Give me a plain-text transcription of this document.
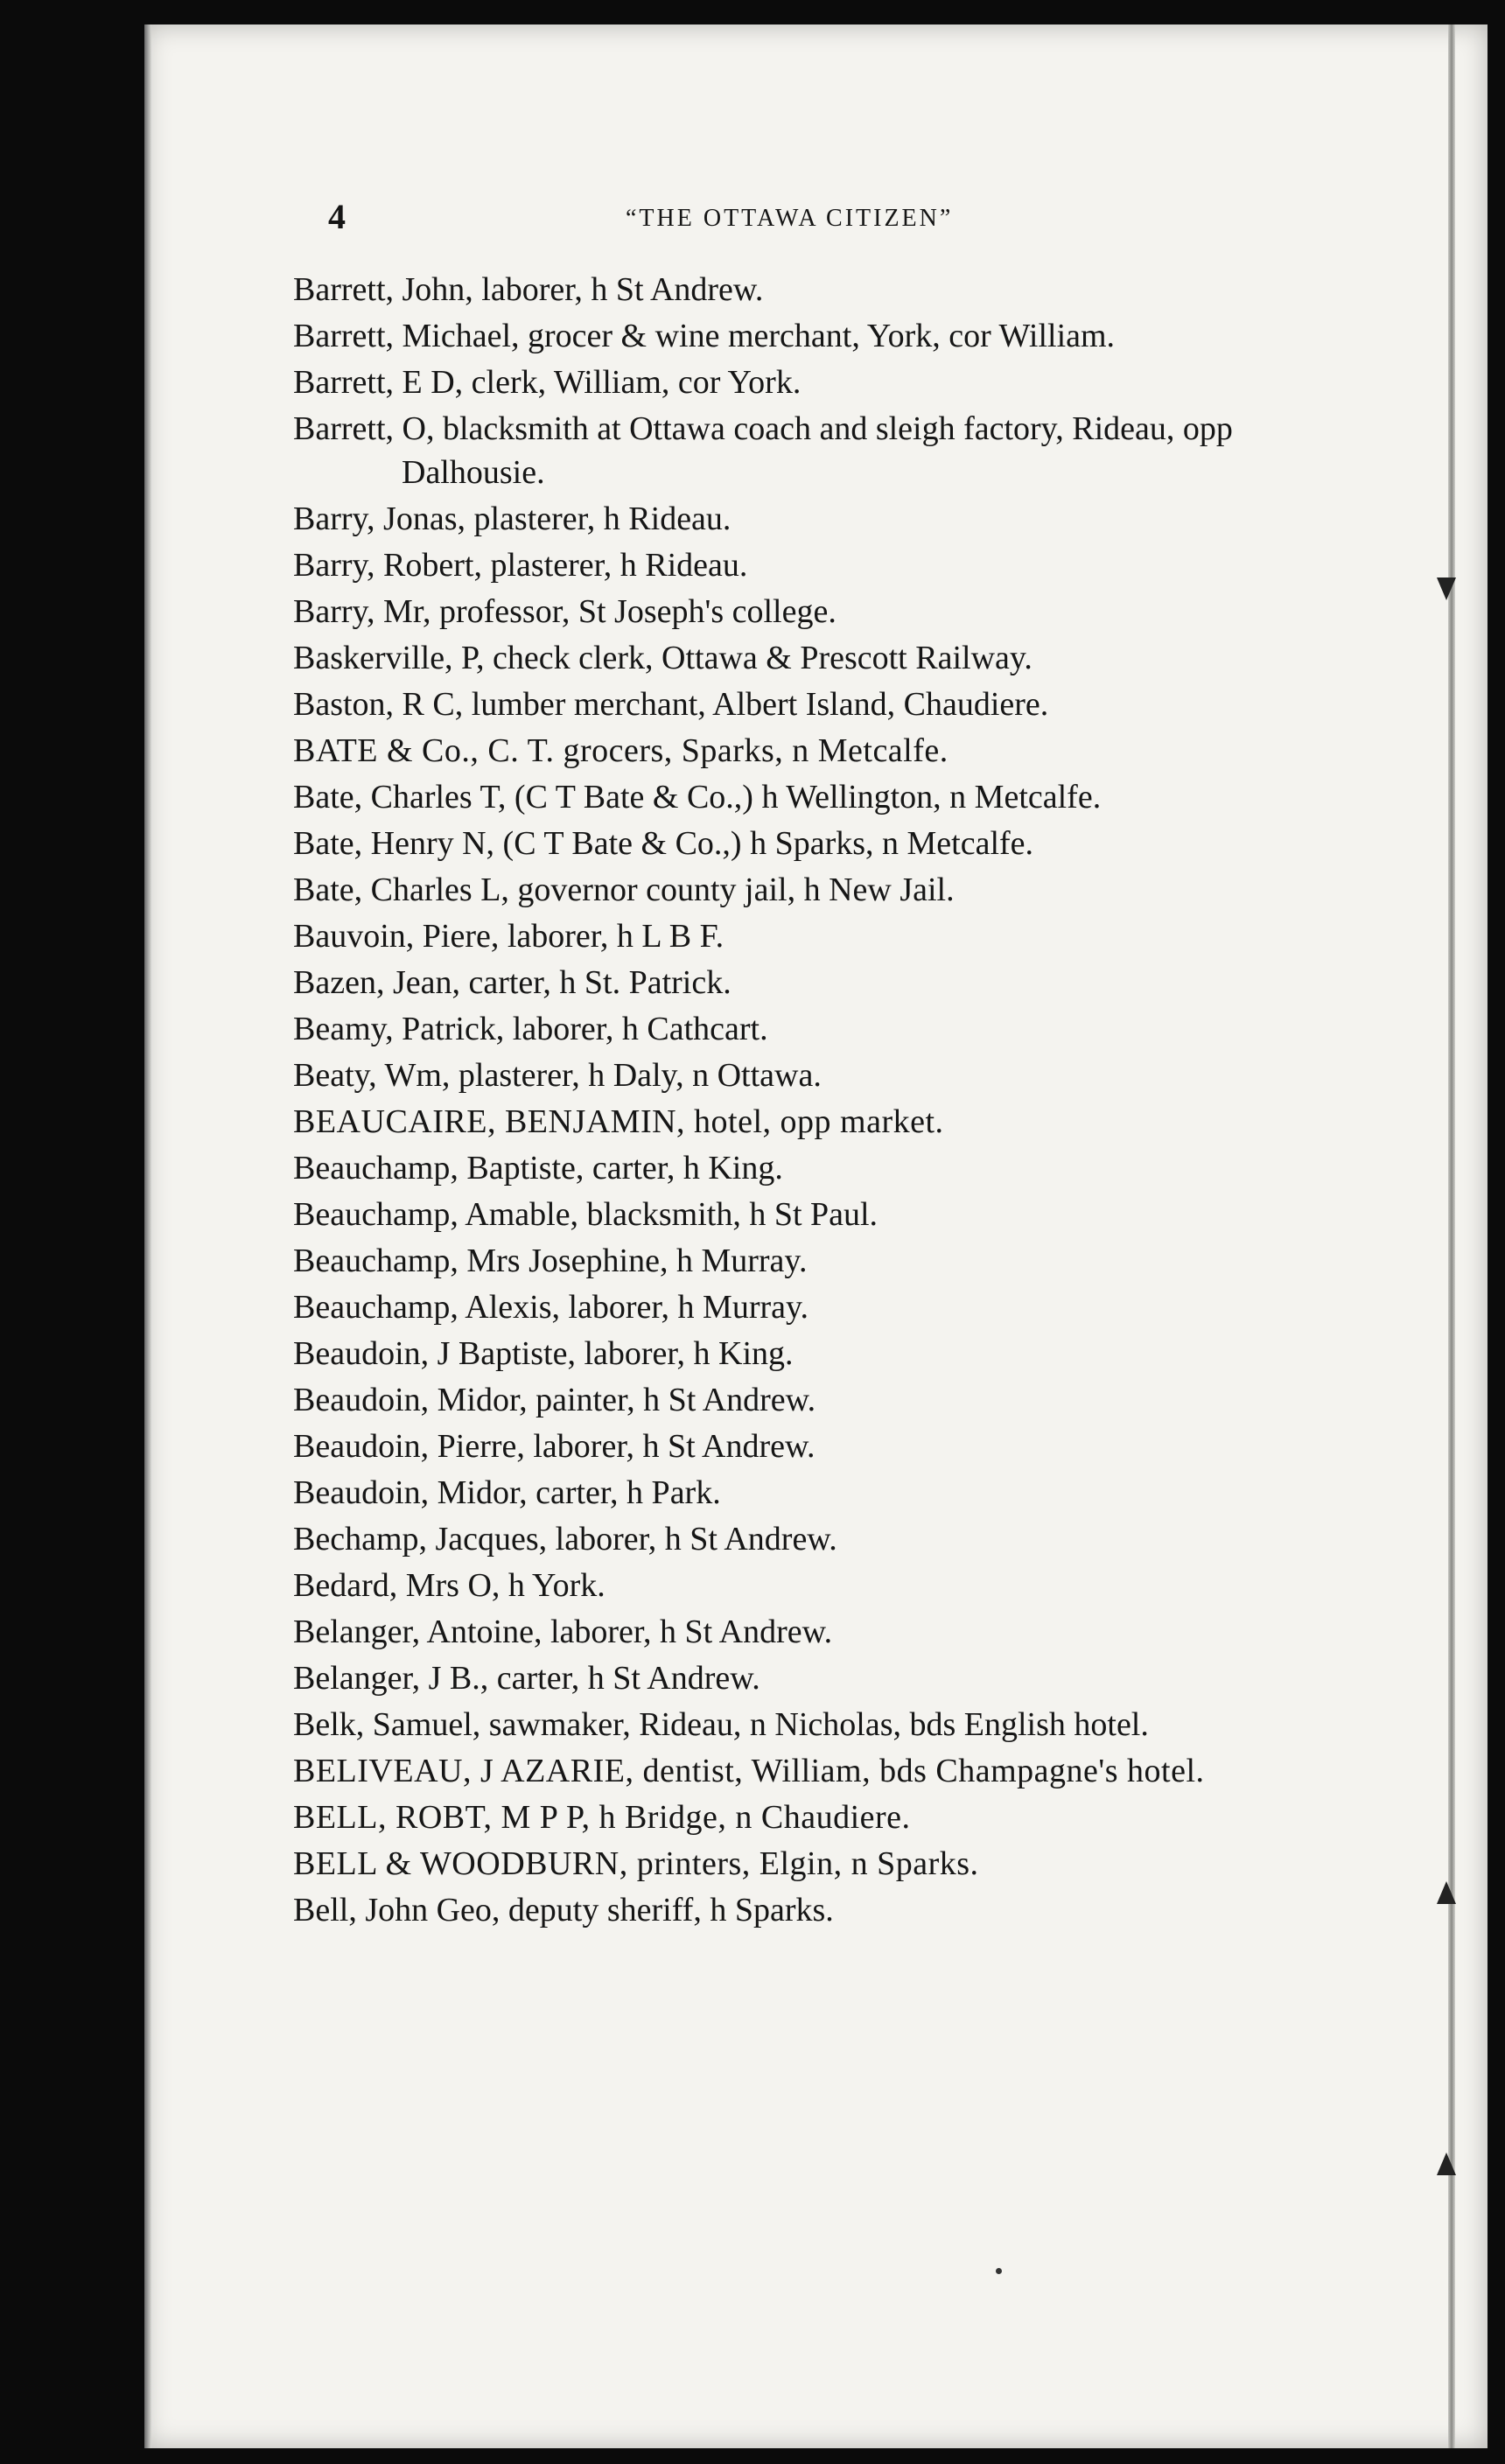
4	“THE OTTAWA CITIZEN”

Barrett, John, laborer, h St Andrew.

Barrett, Michael, grocer & wine merchant, York, cor William.

Barrett, E D, clerk, William, cor York.

Barrett, O, blacksmith at Ottawa coach and sleigh factory, Rideau, opp Dalhousie.

Barry, Jonas, plasterer, h Rideau.

Barry, Robert, plasterer, h Rideau.

Barry, Mr, professor, St Joseph's college.

Baskerville, P, check clerk, Ottawa & Prescott Railway.

Baston, R C, lumber merchant, Albert Island, Chaudiere.

BATE & Co., C. T. grocers, Sparks, n Metcalfe.

Bate, Charles T, (C T Bate & Co.,) h Wellington, n Metcalfe.

Bate, Henry N, (C T Bate & Co.,) h Sparks, n Metcalfe.

Bate, Charles L, governor county jail, h New Jail.

Bauvoin, Piere, laborer, h L B F.

Bazen, Jean, carter, h St. Patrick.

Beamy, Patrick, laborer, h Cathcart.

Beaty, Wm, plasterer, h Daly, n Ottawa.

BEAUCAIRE, BENJAMIN, hotel, opp market.

Beauchamp, Baptiste, carter, h King.

Beauchamp, Amable, blacksmith, h St Paul.

Beauchamp, Mrs Josephine, h Murray.

Beauchamp, Alexis, laborer, h Murray.

Beaudoin, J Baptiste, laborer, h King.

Beaudoin, Midor, painter, h St Andrew.

Beaudoin, Pierre, laborer, h St Andrew.

Beaudoin, Midor, carter, h Park.

Bechamp, Jacques, laborer, h St Andrew.

Bedard, Mrs O, h York.

Belanger, Antoine, laborer, h St Andrew.

Belanger, J B., carter, h St Andrew.

Belk, Samuel, sawmaker, Rideau, n Nicholas, bds English hotel.

BELIVEAU, J AZARIE, dentist, William, bds Champagne's hotel.

BELL, ROBT, M P P, h Bridge, n Chaudiere.

BELL & WOODBURN, printers, Elgin, n Sparks.

Bell, John Geo, deputy sheriff, h Sparks.
